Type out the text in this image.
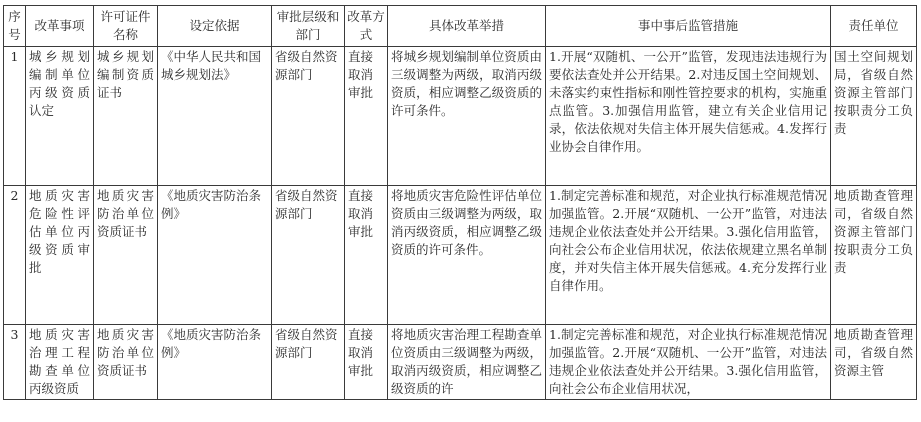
序号	改革事项	许可证件名称	设定依据	审批层级和部门	改革方式	具体改革举措	事中事后监管措施	责任单位
1	城乡规划编制单位丙级资质认定	城乡规划编制资质证书	《中华人民共和国城乡规划法》	省级自然资源部门	直接取消审批	将城乡规划编制单位资质由三级调整为两级，取消丙级资质，相应调整乙级资质的许可条件。	1.开展“双随机、一公开”监管，发现违法违规行为要依法查处并公开结果。2.对违反国土空间规划、未落实约束性指标和刚性管控要求的机构，实施重点监管。3.加强信用监管，建立有关企业信用记录，依法依规对失信主体开展失信惩戒。4.发挥行业协会自律作用。	国土空间规划局，省级自然资源主管部门按职责分工负责
2	地质灾害危险性评估单位丙级资质审批	地质灾害防治单位资质证书	《地质灾害防治条例》	省级自然资源部门	直接取消审批	将地质灾害危险性评估单位资质由三级调整为两级，取消丙级资质，相应调整乙级资质的许可条件。	1.制定完善标准和规范，对企业执行标准规范情况加强监管。2.开展“双随机、一公开”监管，对违法违规企业依法查处并公开结果。3.强化信用监管，向社会公布企业信用状况，依法依规建立黑名单制度，并对失信主体开展失信惩戒。4.充分发挥行业自律作用。	地质勘查管理司，省级自然资源主管部门按职责分工负责

3	地质灾害治理工程勘查单位丙级资质	地质灾害防治单位资质证书	《地质灾害防治条例》	省级自然资源部门	直接取消审批	将地质灾害治理工程勘查单位资质由三级调整为两级，取消丙级资质，相应调整乙级资质的许	1.制定完善标准和规范，对企业执行标准规范情况加强监管。2.开展“双随机、一公开”监管，对违法违规企业依法查处并公开结果。3.强化信用监管，向社会公布企业信用状况，	地质勘查管理司，省级自然资源主管
